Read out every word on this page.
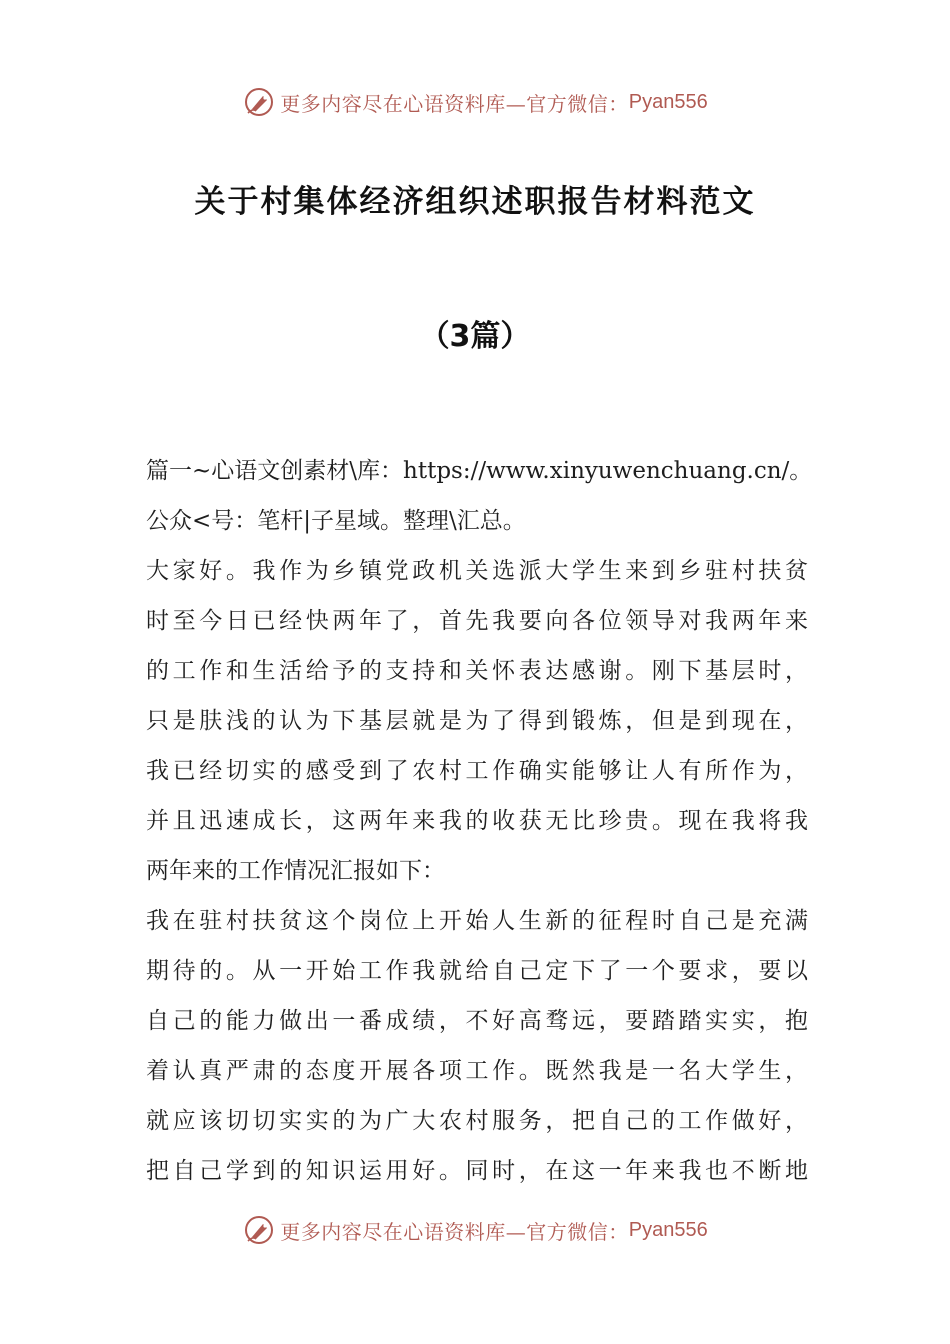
更多内容尽在心语资料库—官方微信： Pyan556
关于村集体经济组织述职报告材料范文
（3篇）
篇一~心语文创素材\库：https://www.xinyuwenchuang.cn/。
公众<号：笔杆|子星域。整理\汇总。
大家好。我作为乡镇党政机关选派大学生来到乡驻村扶贫
时至今日已经快两年了，首先我要向各位领导对我两年来
的工作和生活给予的支持和关怀表达感谢。刚下基层时，
只是肤浅的认为下基层就是为了得到锻炼，但是到现在，
我已经切实的感受到了农村工作确实能够让人有所作为，
并且迅速成长，这两年来我的收获无比珍贵。现在我将我
两年来的工作情况汇报如下：
我在驻村扶贫这个岗位上开始人生新的征程时自己是充满
期待的。从一开始工作我就给自己定下了一个要求，要以
自己的能力做出一番成绩，不好高骛远，要踏踏实实，抱
着认真严肃的态度开展各项工作。既然我是一名大学生，
就应该切切实实的为广大农村服务，把自己的工作做好，
把自己学到的知识运用好。同时，在这一年来我也不断地
更多内容尽在心语资料库—官方微信： Pyan556
